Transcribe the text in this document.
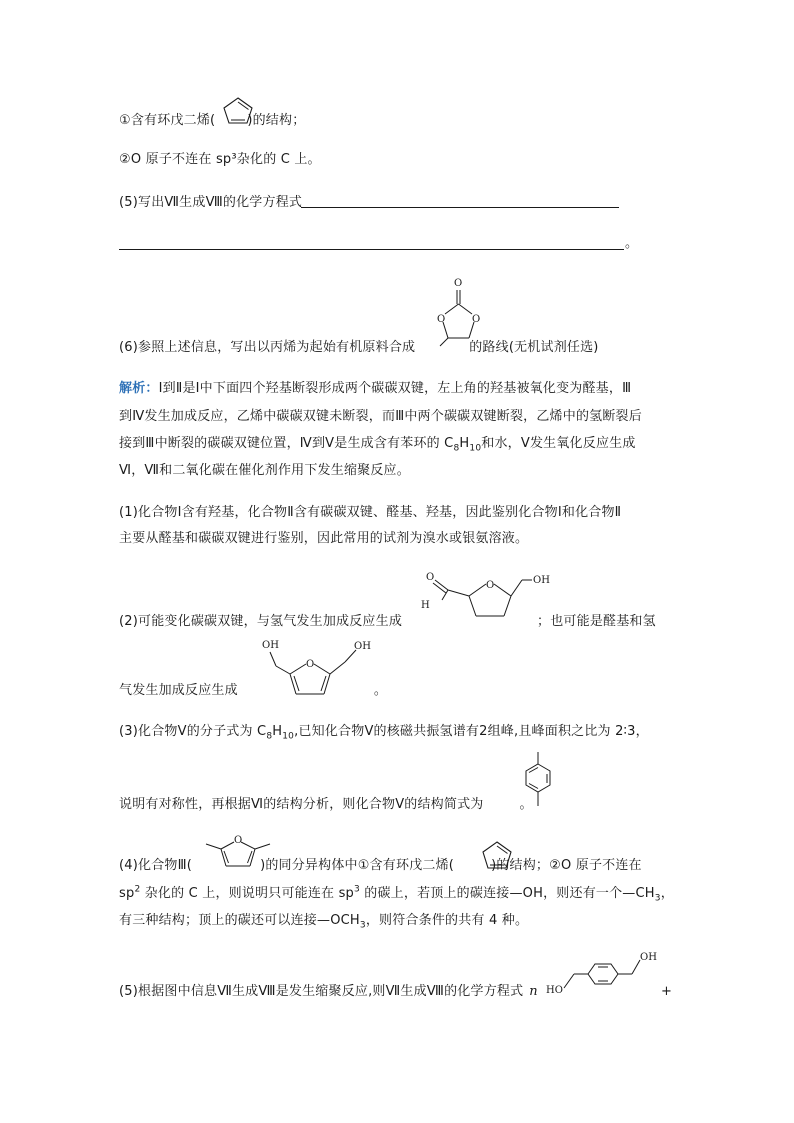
①含有环戊二烯( )的结构；
②O 原子不连在 sp³杂化的 C 上。
(5)写出Ⅶ生成Ⅷ的化学方程式
。
O
O	O
(6)参照上述信息，写出以丙烯为起始有机原料合成	的路线(无机试剂任选)
解析：Ⅰ到Ⅱ是Ⅰ中下面四个羟基断裂形成两个碳碳双键，左上角的羟基被氧化变为醛基，Ⅲ
到Ⅳ发生加成反应，乙烯中碳碳双键未断裂，而Ⅲ中两个碳碳双键断裂，乙烯中的氢断裂后
接到Ⅲ中断裂的碳碳双键位置，Ⅳ到Ⅴ是生成含有苯环的 $C_8H_{10}$和水，Ⅴ发生氧化反应生成
Ⅵ，Ⅶ和二氧化碳在催化剂作用下发生缩聚反应。
(1)化合物Ⅰ含有羟基，化合物Ⅱ含有碳碳双键、醛基、羟基，因此鉴别化合物Ⅰ和化合物Ⅱ
主要从醛基和碳碳双键进行鉴别，因此常用的试剂为溴水或银氨溶液。
O
O
H
OH
(2)可能变化碳碳双键，与氢气发生加成反应生成	；也可能是醛基和氢
O
OH	OH
气发生加成反应生成	。
(3)化合物Ⅴ的分子式为 $C_8H_{10}$,已知化合物Ⅴ的核磁共振氢谱有2组峰,且峰面积之比为 2∶3，
说明有对称性，再根据Ⅵ的结构分析，则化合物Ⅴ的结构简式为	。
O
(4)化合物Ⅲ(	)的同分异构体中①含有环戊二烯(	)的结构；②O 原子不连在
$sp^2$ 杂化的 C 上，则说明只可能连在 $sp^3$ 的碳上，若顶上的碳连接—OH，则还有一个$—CH_3$，
有三种结构；顶上的碳还可以连接$—OCH_3$，则符合条件的共有 4 种。
HO
OH
(5)根据图中信息Ⅶ生成Ⅷ是发生缩聚反应,则Ⅶ生成Ⅷ的化学方程式 n	+
